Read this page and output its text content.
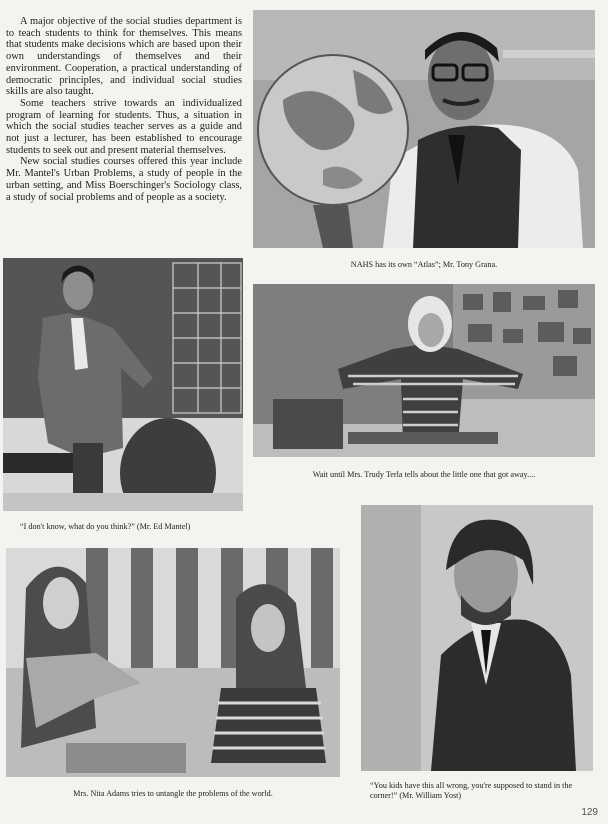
A major objective of the social studies department is to teach students to think for themselves. This means that students make decisions which are based upon their own understandings of themselves and their environment. Cooperation, a practical understanding of democratic principles, and individual social studies skills are also taught.

Some teachers strive towards an individualized program of learning for students. Thus, a situation in which the social studies teacher serves as a guide and not just a lecturer, has been established to encourage students to seek out and present material themselves.

New social studies courses offered this year include Mr. Mantel's Urban Problems, a study of people in the urban setting, and Miss Boerschinger's Sociology class, a study of social problems and of people as a society.

NAHS has its own “Atlas”; Mr. Tony Grana.
Wait until Mrs. Trudy Terla tells about the little one that got away....
“I don't know, what do you think?” (Mr. Ed Mantel)
Mrs. Nita Adams tries to untangle the problems of the world.
“You kids have this all wrong, you're supposed to stand in the corner!” (Mr. William Yost)
129
